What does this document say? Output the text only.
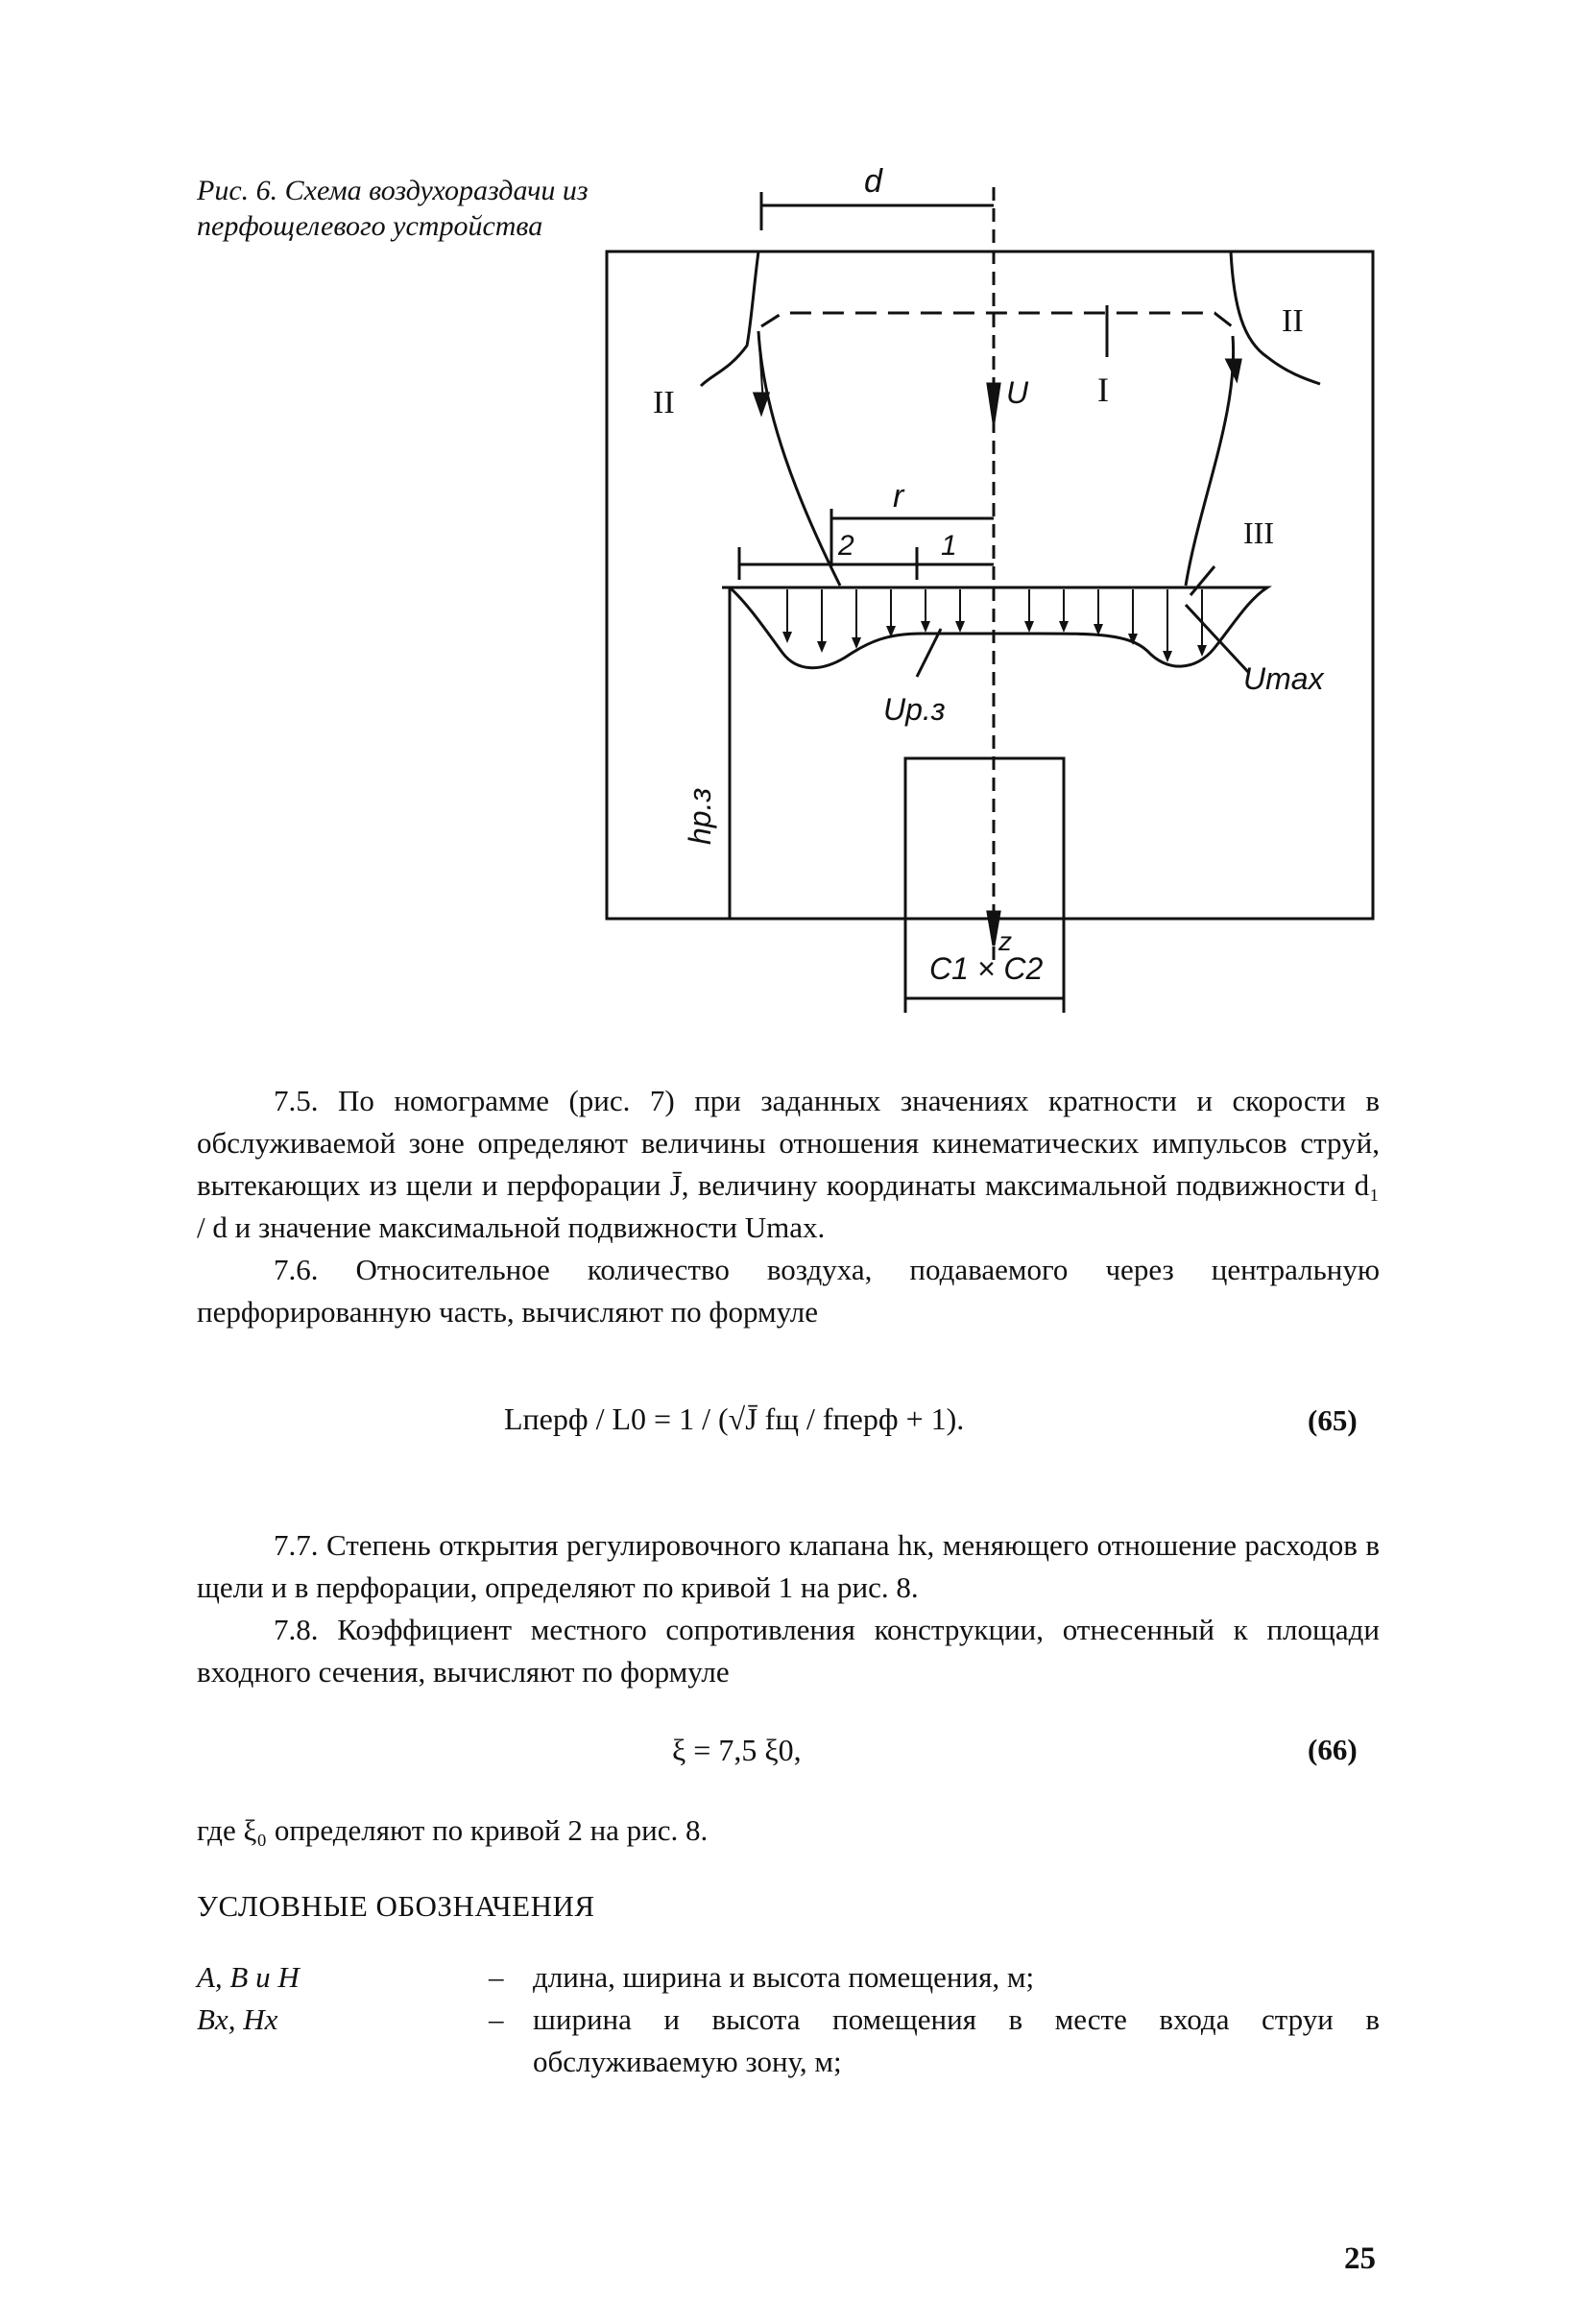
Рис. 6. Схема воздухораздачи из перфощелевого устройства
d
U I
II
II
r
2	1	III
Umax
Up.з
hp.з
z
C1 × C2

7.5. По номограмме (рис. 7) при заданных значениях кратности и скорости в обслуживаемой зоне определяют величины отношения кинематических импульсов струй, вытекающих из щели и перфорации J̄, величину координаты максимальной подвижности d₁ / d и значение максимальной подвижности Umax.

7.6. Относительное количество воздуха, подаваемого через центральную перфорированную часть, вычисляют по формуле

Lперф / L0 = 1 / (√J̄ fщ / fперф + 1).	(65)

7.7. Степень открытия регулировочного клапана hк, меняющего отношение расходов в щели и в перфорации, определяют по кривой 1 на рис. 8.

7.8. Коэффициент местного сопротивления конструкции, отнесенный к площади входного сечения, вычисляют по формуле

ξ = 7,5 ξ0,	(66)

где ξ₀ определяют по кривой 2 на рис. 8.

УСЛОВНЫЕ ОБОЗНАЧЕНИЯ
A, B и H	– длина, ширина и высота помещения, м;
Bx, Hx	– ширина и высота помещения в месте входа струи в обслуживаемую зону, м;
25
